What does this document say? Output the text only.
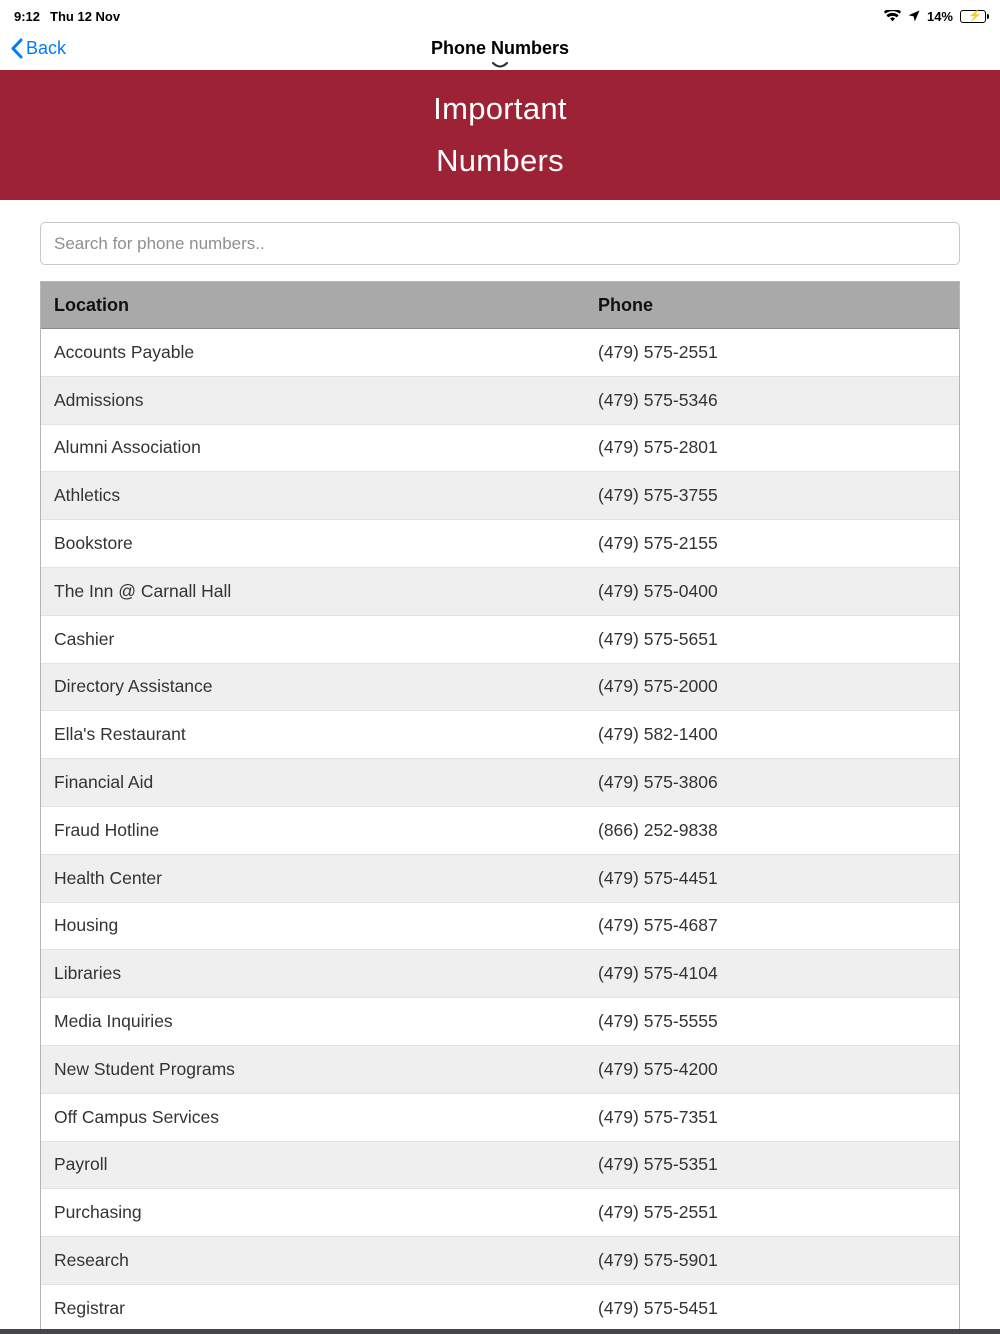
9:12 Thu 12 Nov	14% ⚡
Back	Phone Numbers
Important
Numbers
Search for phone numbers..
Location	Phone
Accounts Payable	(479) 575-2551
Admissions	(479) 575-5346
Alumni Association	(479) 575-2801
Athletics	(479) 575-3755
Bookstore	(479) 575-2155
The Inn @ Carnall Hall	(479) 575-0400
Cashier	(479) 575-5651
Directory Assistance	(479) 575-2000
Ella's Restaurant	(479) 582-1400
Financial Aid	(479) 575-3806
Fraud Hotline	(866) 252-9838
Health Center	(479) 575-4451
Housing	(479) 575-4687
Libraries	(479) 575-4104
Media Inquiries	(479) 575-5555
New Student Programs	(479) 575-4200
Off Campus Services	(479) 575-7351
Payroll	(479) 575-5351
Purchasing	(479) 575-2551
Research	(479) 575-5901
Registrar	(479) 575-5451
